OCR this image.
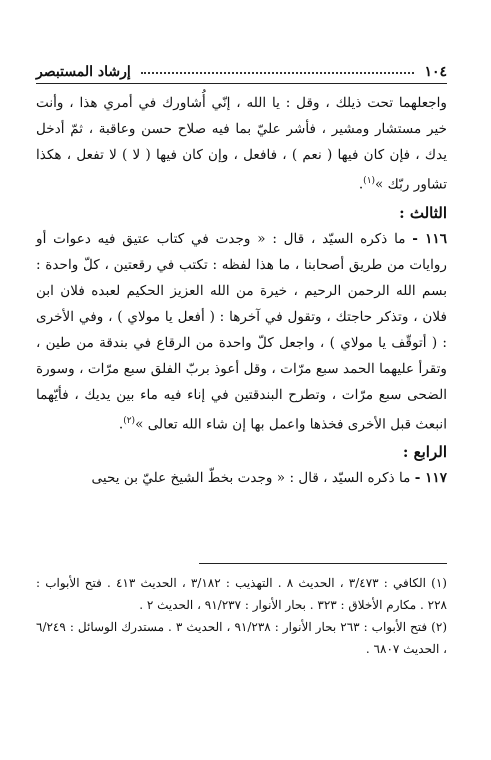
١٠٤
إرشاد المستبصر

واجعلهما تحت ذيلك ، وقل : يا الله ، إنّي أُشاورك في أمري هذا ، وأنت خير مستشار ومشير ، فأشر عليّ بما فيه صلاح حسن وعاقبة ، ثمّ أدخل يدك ، فإن كان فيها ( نعم ) ، فافعل ، وإن كان فيها ( لا ) لا تفعل ، هكذا تشاور ربّك »$^{(١)}$.

الثالث :

١١٦ - ما ذكره السيّد ، قال : « وجدت في كتاب عتيق فيه دعوات أو روايات من طريق أصحابنا ، ما هذا لفظه : تكتب في رقعتين ، كلّ واحدة : بسم الله الرحمن الرحيم ، خيرة من الله العزيز الحكيم لعبده فلان ابن فلان ، وتذكر حاجتك ، وتقول في آخرها : ( أفعل يا مولاي ) ، وفي الأخرى : ( أتوقّف يا مولاي ) ، واجعل كلّ واحدة من الرقاع في بندقة من طين ، وتقرأ عليهما الحمد سبع مرّات ، وقل أعوذ بربّ الفلق سبع مرّات ، وسورة الضحى سبع مرّات ، وتطرح البندقتين في إناء فيه ماء بين يديك ، فأيّهما انبعث قبل الأخرى فخذها واعمل بها إن شاء الله تعالى »$^{(٢)}$.

الرابع :

١١٧ - ما ذكره السيّد ، قال : « وجدت بخطّ الشيخ عليّ بن يحيى

(١) الكافي : ٣/٤٧٣ ، الحديث ٨ . التهذيب : ٣/١٨٢ ، الحديث ٤١٣ . فتح الأبواب : ٢٢٨ . مكارم الأخلاق : ٣٢٣ . بحار الأنوار : ٩١/٢٣٧ ، الحديث ٢ .

(٢) فتح الأبواب : ٢٦٣ بحار الأنوار : ٩١/٢٣٨ ، الحديث ٣ . مستدرك الوسائل : ٦/٢٤٩ ، الحديث ٦٨٠٧ .
